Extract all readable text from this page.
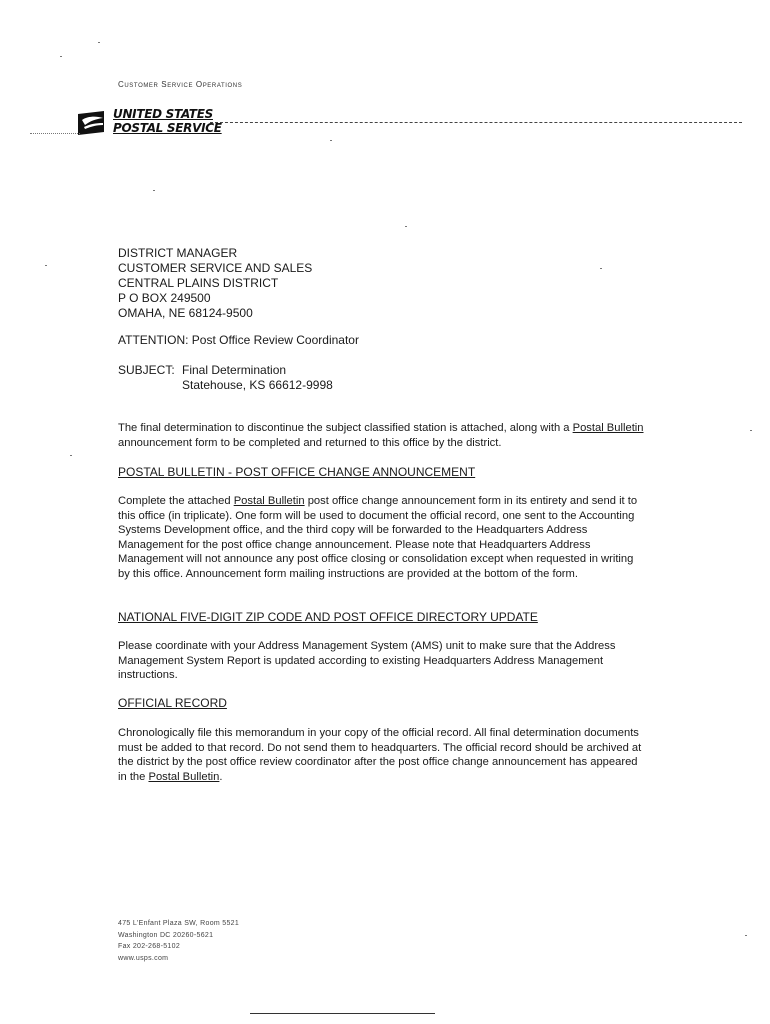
Customer Service Operations
UNITED STATES
POSTAL SERVICE
DISTRICT MANAGER
CUSTOMER SERVICE AND SALES
CENTRAL PLAINS DISTRICT
P O BOX 249500
OMAHA, NE 68124-9500
ATTENTION: Post Office Review Coordinator
SUBJECT: Final Determination
Statehouse, KS 66612-9998
The final determination to discontinue the subject classified station is attached, along with a Postal Bulletin announcement form to be completed and returned to this office by the district.
POSTAL BULLETIN - POST OFFICE CHANGE ANNOUNCEMENT
Complete the attached Postal Bulletin post office change announcement form in its entirety and send it to this office (in triplicate). One form will be used to document the official record, one sent to the Accounting Systems Development office, and the third copy will be forwarded to the Headquarters Address Management for the post office change announcement. Please note that Headquarters Address Management will not announce any post office closing or consolidation except when requested in writing by this office. Announcement form mailing instructions are provided at the bottom of the form.
NATIONAL FIVE-DIGIT ZIP CODE AND POST OFFICE DIRECTORY UPDATE
Please coordinate with your Address Management System (AMS) unit to make sure that the Address Management System Report is updated according to existing Headquarters Address Management instructions.
OFFICIAL RECORD
Chronologically file this memorandum in your copy of the official record. All final determination documents must be added to that record. Do not send them to headquarters. The official record should be archived at the district by the post office review coordinator after the post office change announcement has appeared in the Postal Bulletin.
475 L'Enfant Plaza SW, Room 5521
Washington DC 20260-5621
Fax 202-268-5102
www.usps.com
